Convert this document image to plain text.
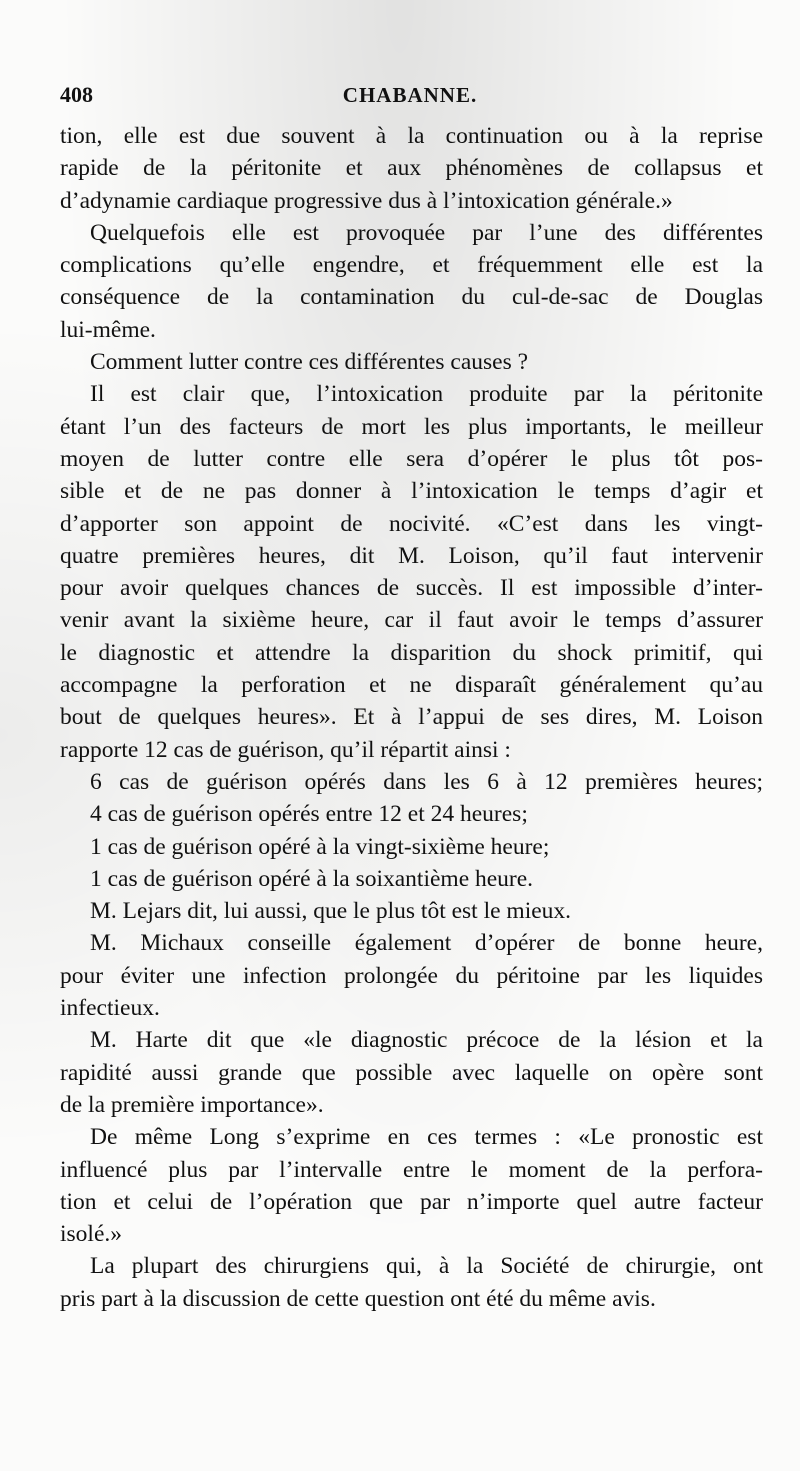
408	CHABANNE.
tion, elle est due souvent à la continuation ou à la reprise
rapide de la péritonite et aux phénomènes de collapsus et
d’adynamie cardiaque progressive dus à l’intoxication générale.»
Quelquefois elle est provoquée par l’une des différentes
complications qu’elle engendre, et fréquemment elle est la
conséquence de la contamination du cul-de-sac de Douglas
lui-même.
Comment lutter contre ces différentes causes ?
Il est clair que, l’intoxication produite par la péritonite
étant l’un des facteurs de mort les plus importants, le meilleur
moyen de lutter contre elle sera d’opérer le plus tôt pos-
sible et de ne pas donner à l’intoxication le temps d’agir et
d’apporter son appoint de nocivité. «C’est dans les vingt-
quatre premières heures, dit M. Loison, qu’il faut intervenir
pour avoir quelques chances de succès. Il est impossible d’inter-
venir avant la sixième heure, car il faut avoir le temps d’assurer
le diagnostic et attendre la disparition du shock primitif, qui
accompagne la perforation et ne disparaît généralement qu’au
bout de quelques heures». Et à l’appui de ses dires, M. Loison
rapporte 12 cas de guérison, qu’il répartit ainsi :
6 cas de guérison opérés dans les 6 à 12 premières heures;
4 cas de guérison opérés entre 12 et 24 heures;
1 cas de guérison opéré à la vingt-sixième heure;
1 cas de guérison opéré à la soixantième heure.
M. Lejars dit, lui aussi, que le plus tôt est le mieux.
M. Michaux conseille également d’opérer de bonne heure,
pour éviter une infection prolongée du péritoine par les liquides
infectieux.
M. Harte dit que «le diagnostic précoce de la lésion et la
rapidité aussi grande que possible avec laquelle on opère sont
de la première importance».
De même Long s’exprime en ces termes : «Le pronostic est
influencé plus par l’intervalle entre le moment de la perfora-
tion et celui de l’opération que par n’importe quel autre facteur
isolé.»
La plupart des chirurgiens qui, à la Société de chirurgie, ont
pris part à la discussion de cette question ont été du même avis.
